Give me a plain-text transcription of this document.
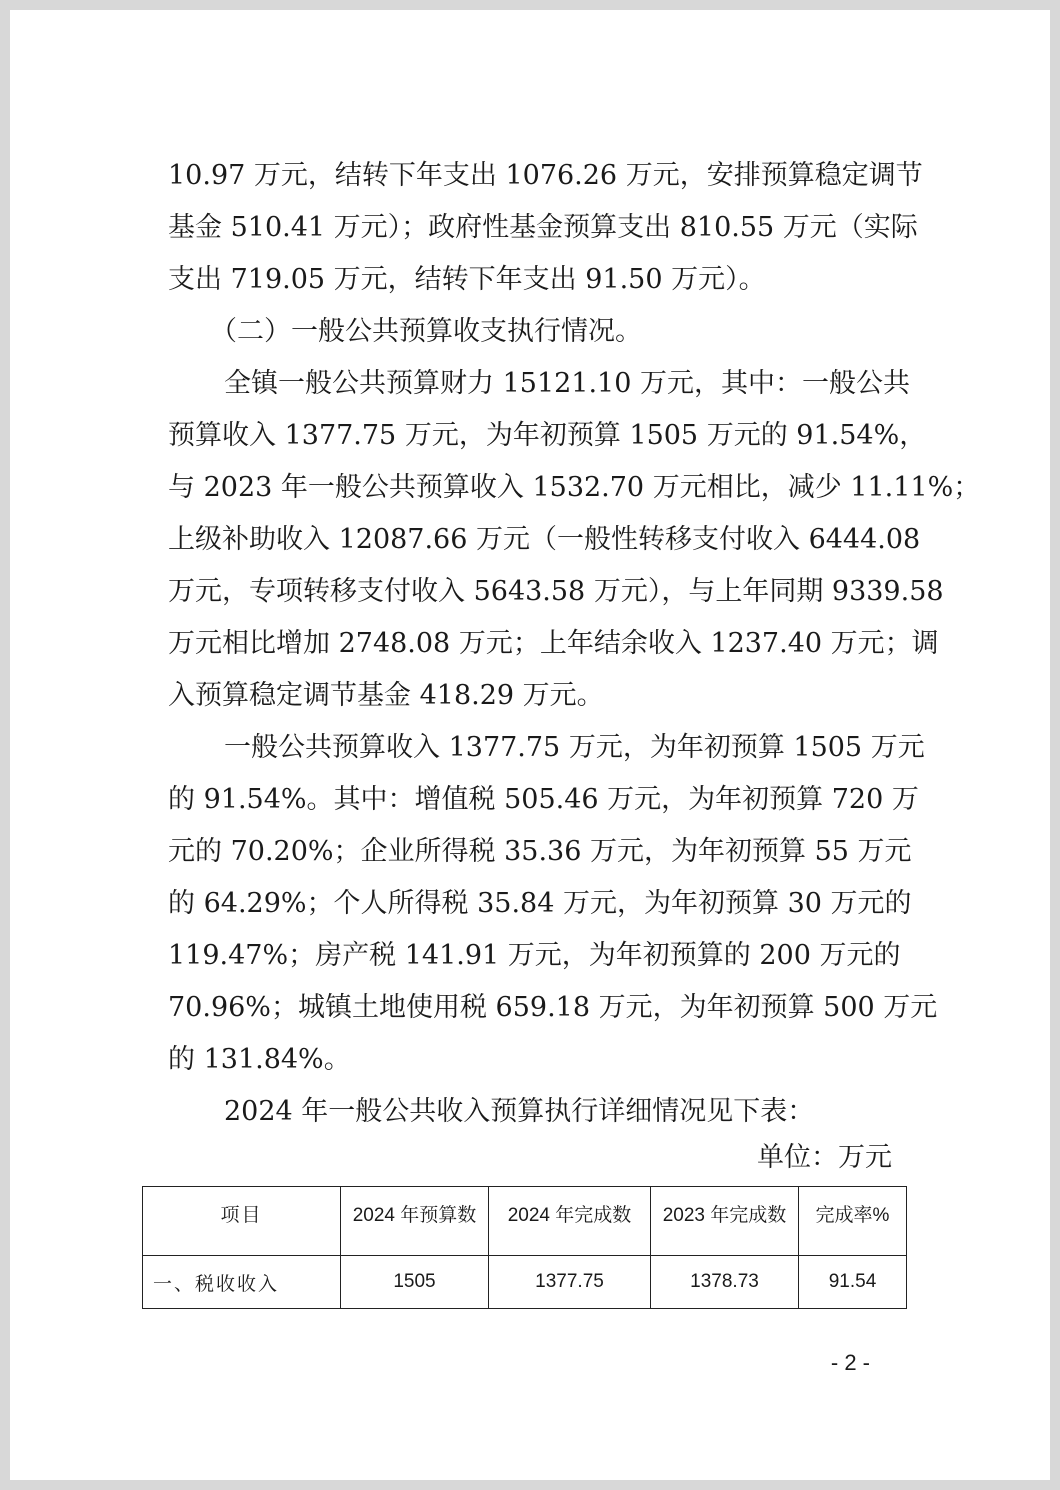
10.97 万元，结转下年支出 1076.26 万元，安排预算稳定调节
基金 510.41 万元）；政府性基金预算支出 810.55 万元（实际
支出 719.05 万元，结转下年支出 91.50 万元）。
（二）一般公共预算收支执行情况。
全镇一般公共预算财力 15121.10 万元，其中：一般公共
预算收入 1377.75 万元，为年初预算 1505 万元的 91.54%，
与 2023 年一般公共预算收入 1532.70 万元相比，减少 11.11%；
上级补助收入 12087.66 万元（一般性转移支付收入 6444.08
万元，专项转移支付收入 5643.58 万元），与上年同期 9339.58
万元相比增加 2748.08 万元；上年结余收入 1237.40 万元；调
入预算稳定调节基金 418.29 万元。
一般公共预算收入 1377.75 万元，为年初预算 1505 万元
的 91.54%。其中：增值税 505.46 万元，为年初预算 720 万
元的 70.20%；企业所得税 35.36 万元，为年初预算 55 万元
的 64.29%；个人所得税 35.84 万元，为年初预算 30 万元的
119.47%；房产税 141.91 万元，为年初预算的 200 万元的
70.96%；城镇土地使用税 659.18 万元，为年初预算 500 万元
的 131.84%。
2024 年一般公共收入预算执行详细情况见下表：
单位：万元
项目	2024 年预算数	2024 年完成数	2023 年完成数	完成率%
一、税收收入	1505	1377.75	1378.73	91.54
- 2 -
